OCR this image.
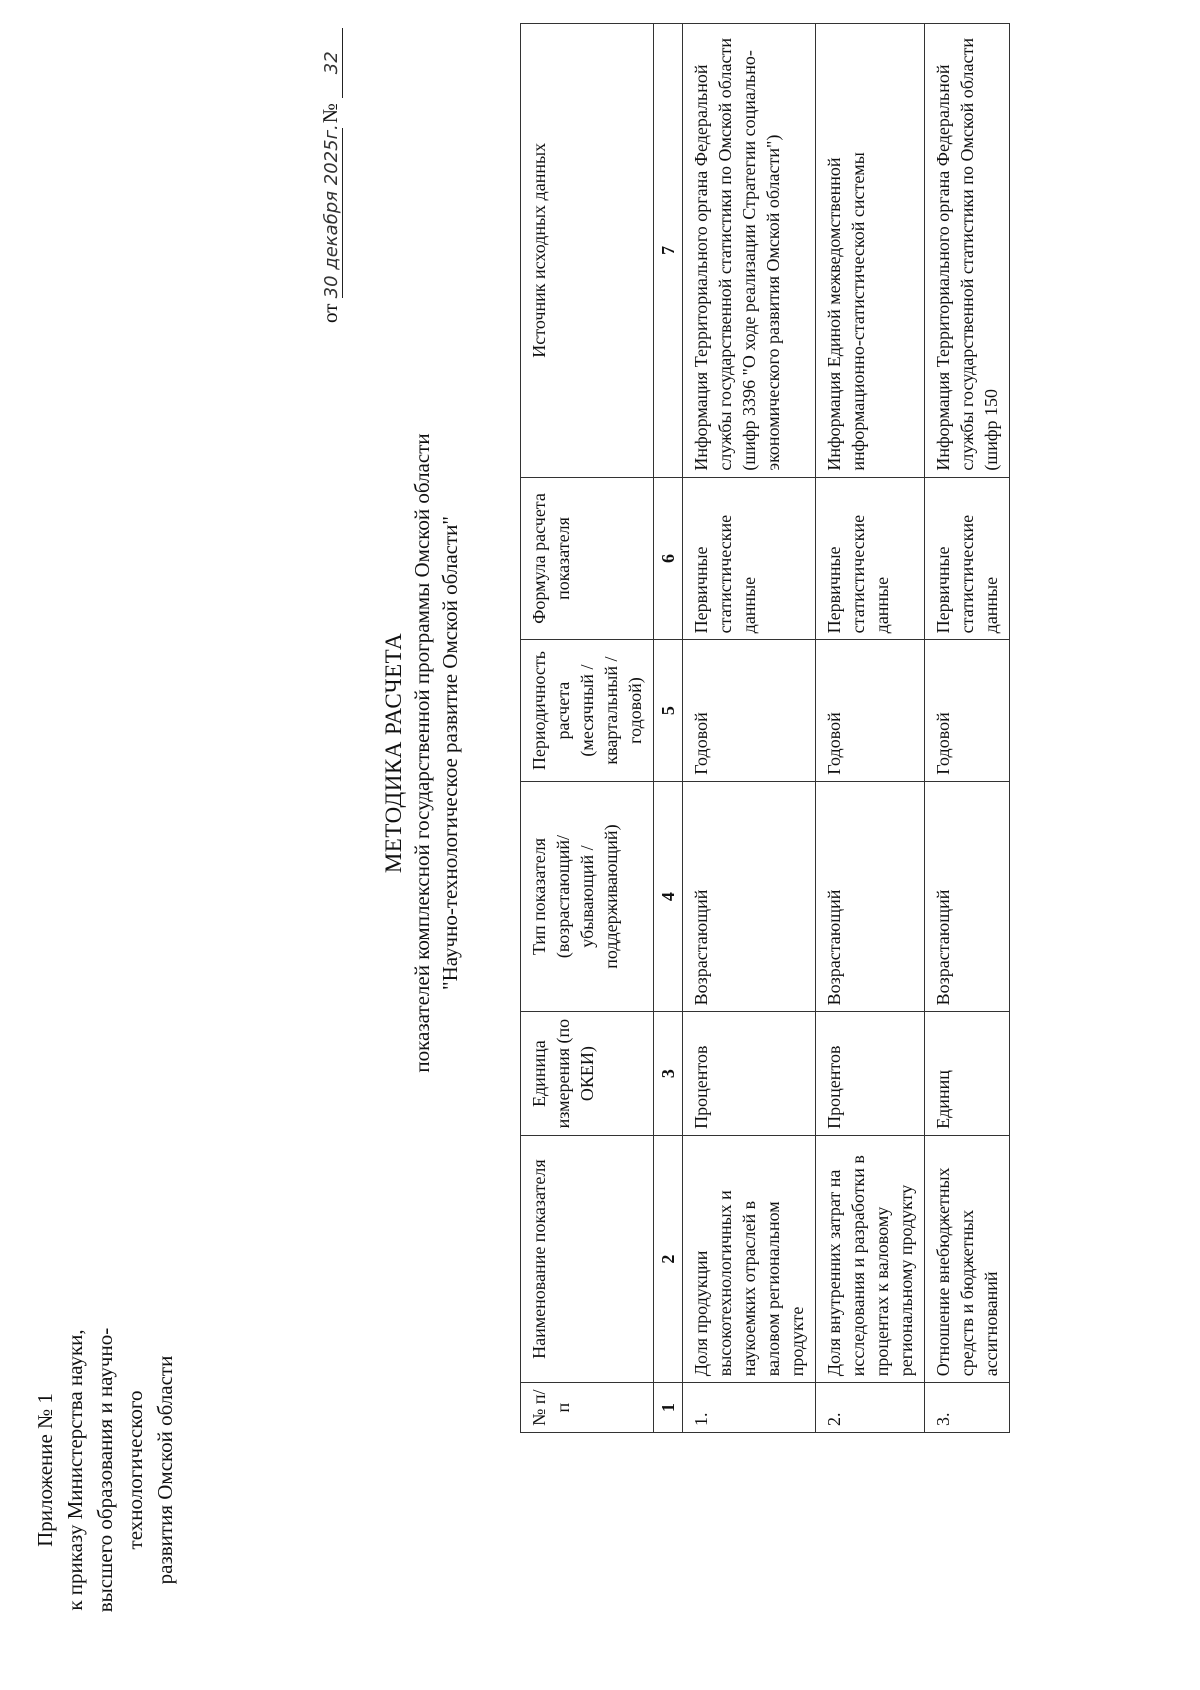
Приложение № 1 к приказу Министерства науки, высшего образования и научно-технологического развития Омской области
от 30 декабря 2025г. № 32
МЕТОДИКА РАСЧЕТА показателей комплексной государственной программы Омской области "Научно-технологическое развитие Омской области"
№ п/п	Наименование показателя	Единица измерения (по ОКЕИ)	Тип показателя (возрастающий/ убывающий / поддерживающий)	Периодичность расчета (месячный / квартальный / годовой)	Формула расчета показателя	Источник исходных данных
1	2	3	4	5	6	7
1.	Доля продукции высокотехнологичных и наукоемких отраслей в валовом региональном продукте	Процентов	Возрастающий	Годовой	Первичные статистические данные	Информация Территориального органа Федеральной службы государственной статистики по Омской области (шифр 3396 "О ходе реализации Стратегии социально-экономического развития Омской области")
2.	Доля внутренних затрат на исследования и разработки в процентах к валовому региональному продукту	Процентов	Возрастающий	Годовой	Первичные статистические данные	Информация Единой межведомственной информационно-статистической системы
3.	Отношение внебюджетных средств и бюджетных ассигнований	Единиц	Возрастающий	Годовой	Первичные статистические данные	Информация Территориального органа Федеральной службы государственной статистики по Омской области (шифр 150
